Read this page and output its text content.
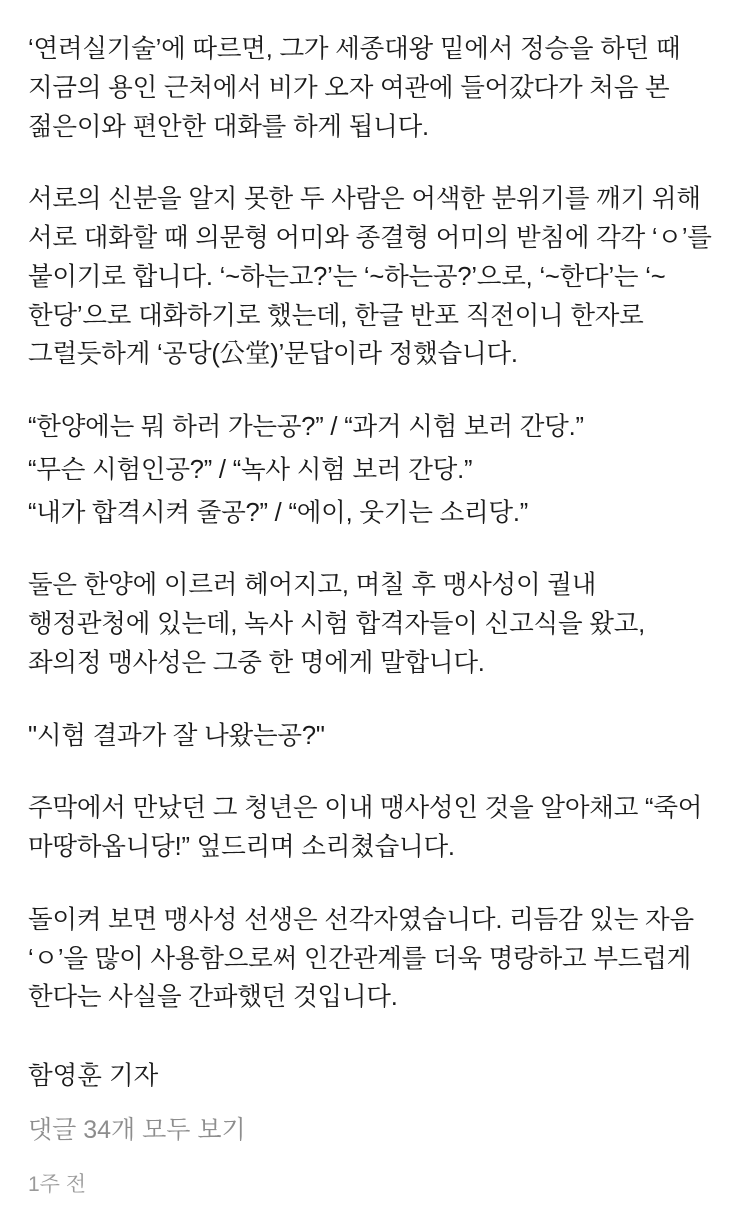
‘연려실기술’에 따르면, 그가 세종대왕 밑에서 정승을 하던 때 지금의 용인 근처에서 비가 오자 여관에 들어갔다가 처음 본 젊은이와 편안한 대화를 하게 됩니다.

서로의 신분을 알지 못한 두 사람은 어색한 분위기를 깨기 위해 서로 대화할 때 의문형 어미와 종결형 어미의 받침에 각각 ‘ㅇ’를 붙이기로 합니다. ‘~하는고?’는 ‘~하는공?’으로, ‘~한다’는 ‘~한당’으로 대화하기로 했는데, 한글 반포 직전이니 한자로 그럴듯하게 ‘공당(公堂)’문답이라 정했습니다.

“한양에는 뭐 하러 가는공?” / “과거 시험 보러 간당.”

“무슨 시험인공?” / “녹사 시험 보러 간당.”

“내가 합격시켜 줄공?” / “에이, 웃기는 소리당.”

둘은 한양에 이르러 헤어지고, 며칠 후 맹사성이 궐내 행정관청에 있는데, 녹사 시험 합격자들이 신고식을 왔고, 좌의정 맹사성은 그중 한 명에게 말합니다.

"시험 결과가 잘 나왔는공?"

주막에서 만났던 그 청년은 이내 맹사성인 것을 알아채고 “죽어 마땅하옵니당!” 엎드리며 소리쳤습니다.

돌이켜 보면 맹사성 선생은 선각자였습니다. 리듬감 있는 자음 ‘ㅇ’을 많이 사용함으로써 인간관계를 더욱 명랑하고 부드럽게 한다는 사실을 간파했던 것입니다.

함영훈 기자
댓글 34개 모두 보기
1주 전
